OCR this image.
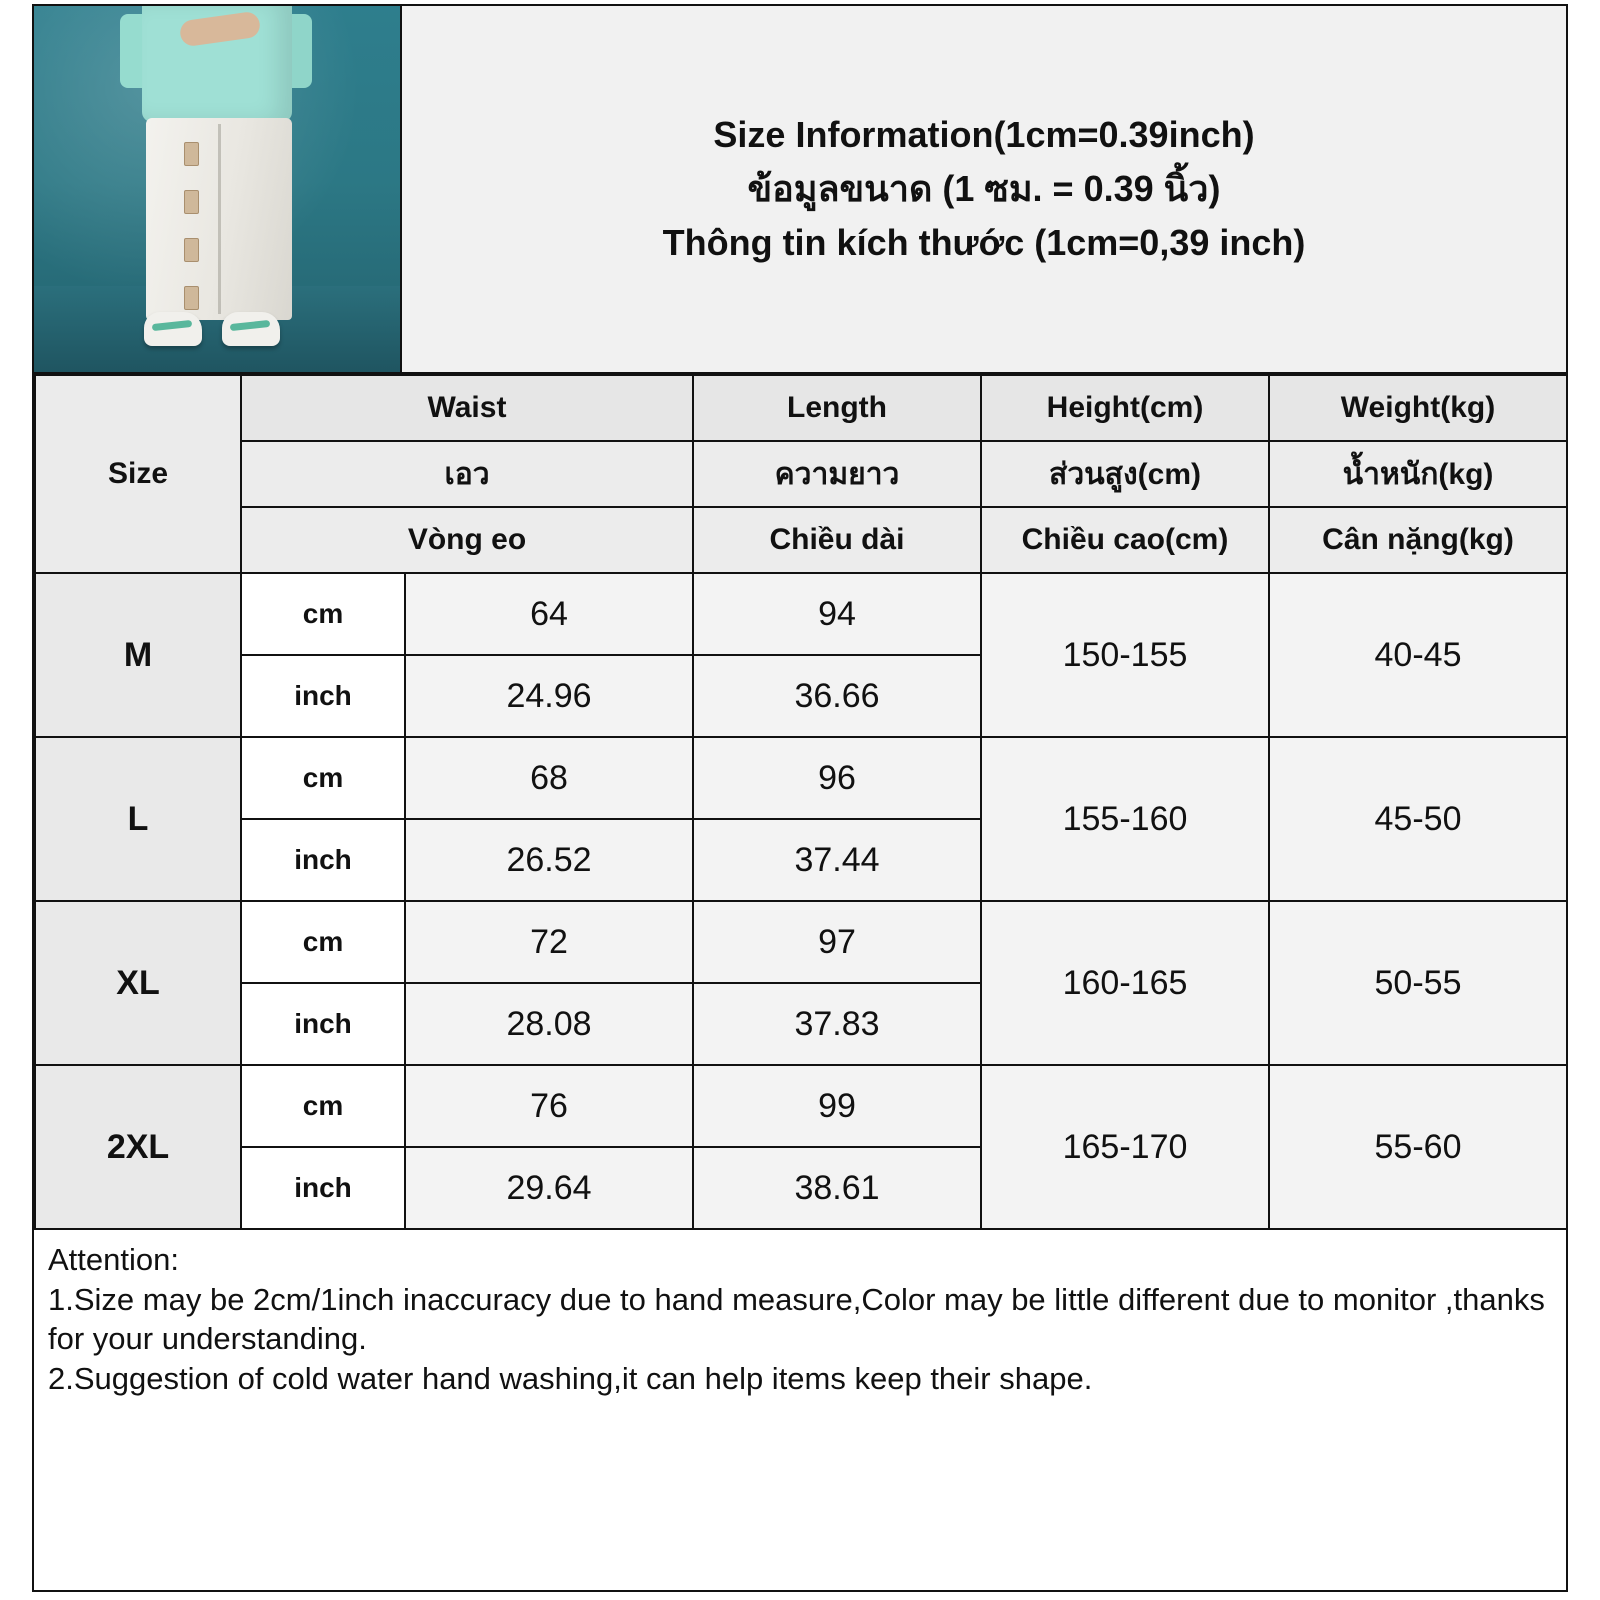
Size Information(1cm=0.39inch)
ข้อมูลขนาด (1 ซม. = 0.39 นิ้ว)
Thông tin kích thước (1cm=0,39 inch)
Size	Waist		Length	Height(cm)	Weight(kg)
	เอว		ความยาว	ส่วนสูง(cm)	น้ำหนัก(kg)
	Vòng eo		Chiều dài	Chiều cao(cm)	Cân nặng(kg)
M	cm	64	94	150-155	40-45
	inch	24.96	36.66		
L	cm	68	96	155-160	45-50
	inch	26.52	37.44		
XL	cm	72	97	160-165	50-55
	inch	28.08	37.83		
2XL	cm	76	99	165-170	55-60
	inch	29.64	38.61		
Attention:
1.Size may be 2cm/1inch inaccuracy due to hand measure,Color may be little different due to monitor ,thanks for your understanding.
2.Suggestion of cold water hand washing,it can help items keep their shape.
